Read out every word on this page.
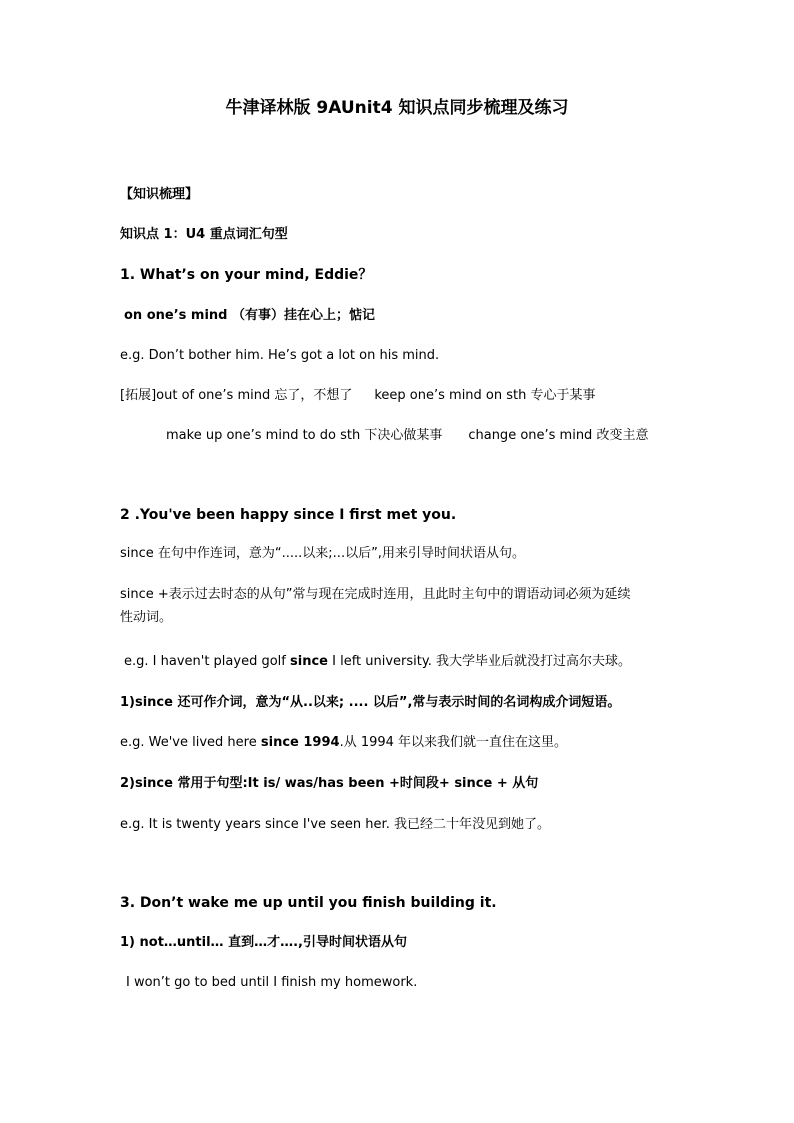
牛津译林版 9AUnit4 知识点同步梳理及练习
【知识梳理】
知识点 1：U4 重点词汇句型
1. What’s on your mind, Eddie？
on one’s mind （有事）挂在心上；惦记
e.g. Don’t bother him. He’s got a lot on his mind.
[拓展]out of one’s mind 忘了，不想了 keep one’s mind on sth 专心于某事
make up one’s mind to do sth 下决心做某事 change one’s mind 改变主意
2 .You've been happy since I first met you.
since 在句中作连词，意为“.....以来;...以后”,用来引导时间状语从句。
since +表示过去时态的从句”常与现在完成时连用，且此时主句中的谓语动词必须为延续
性动词。
e.g. I haven't played golf since I left university. 我大学毕业后就没打过高尔夫球。
1)since 还可作介词，意为“从..以来; .... 以后”,常与表示时间的名词构成介词短语。
e.g. We've lived here since 1994.从 1994 年以来我们就一直住在这里。
2)since 常用于句型:It is/ was/has been +时间段+ since + 从句
e.g. It is twenty years since I've seen her. 我已经二十年没见到她了。
3. Don’t wake me up until you finish building it.
1) not…until… 直到…才….,引导时间状语从句
I won’t go to bed until I finish my homework.
